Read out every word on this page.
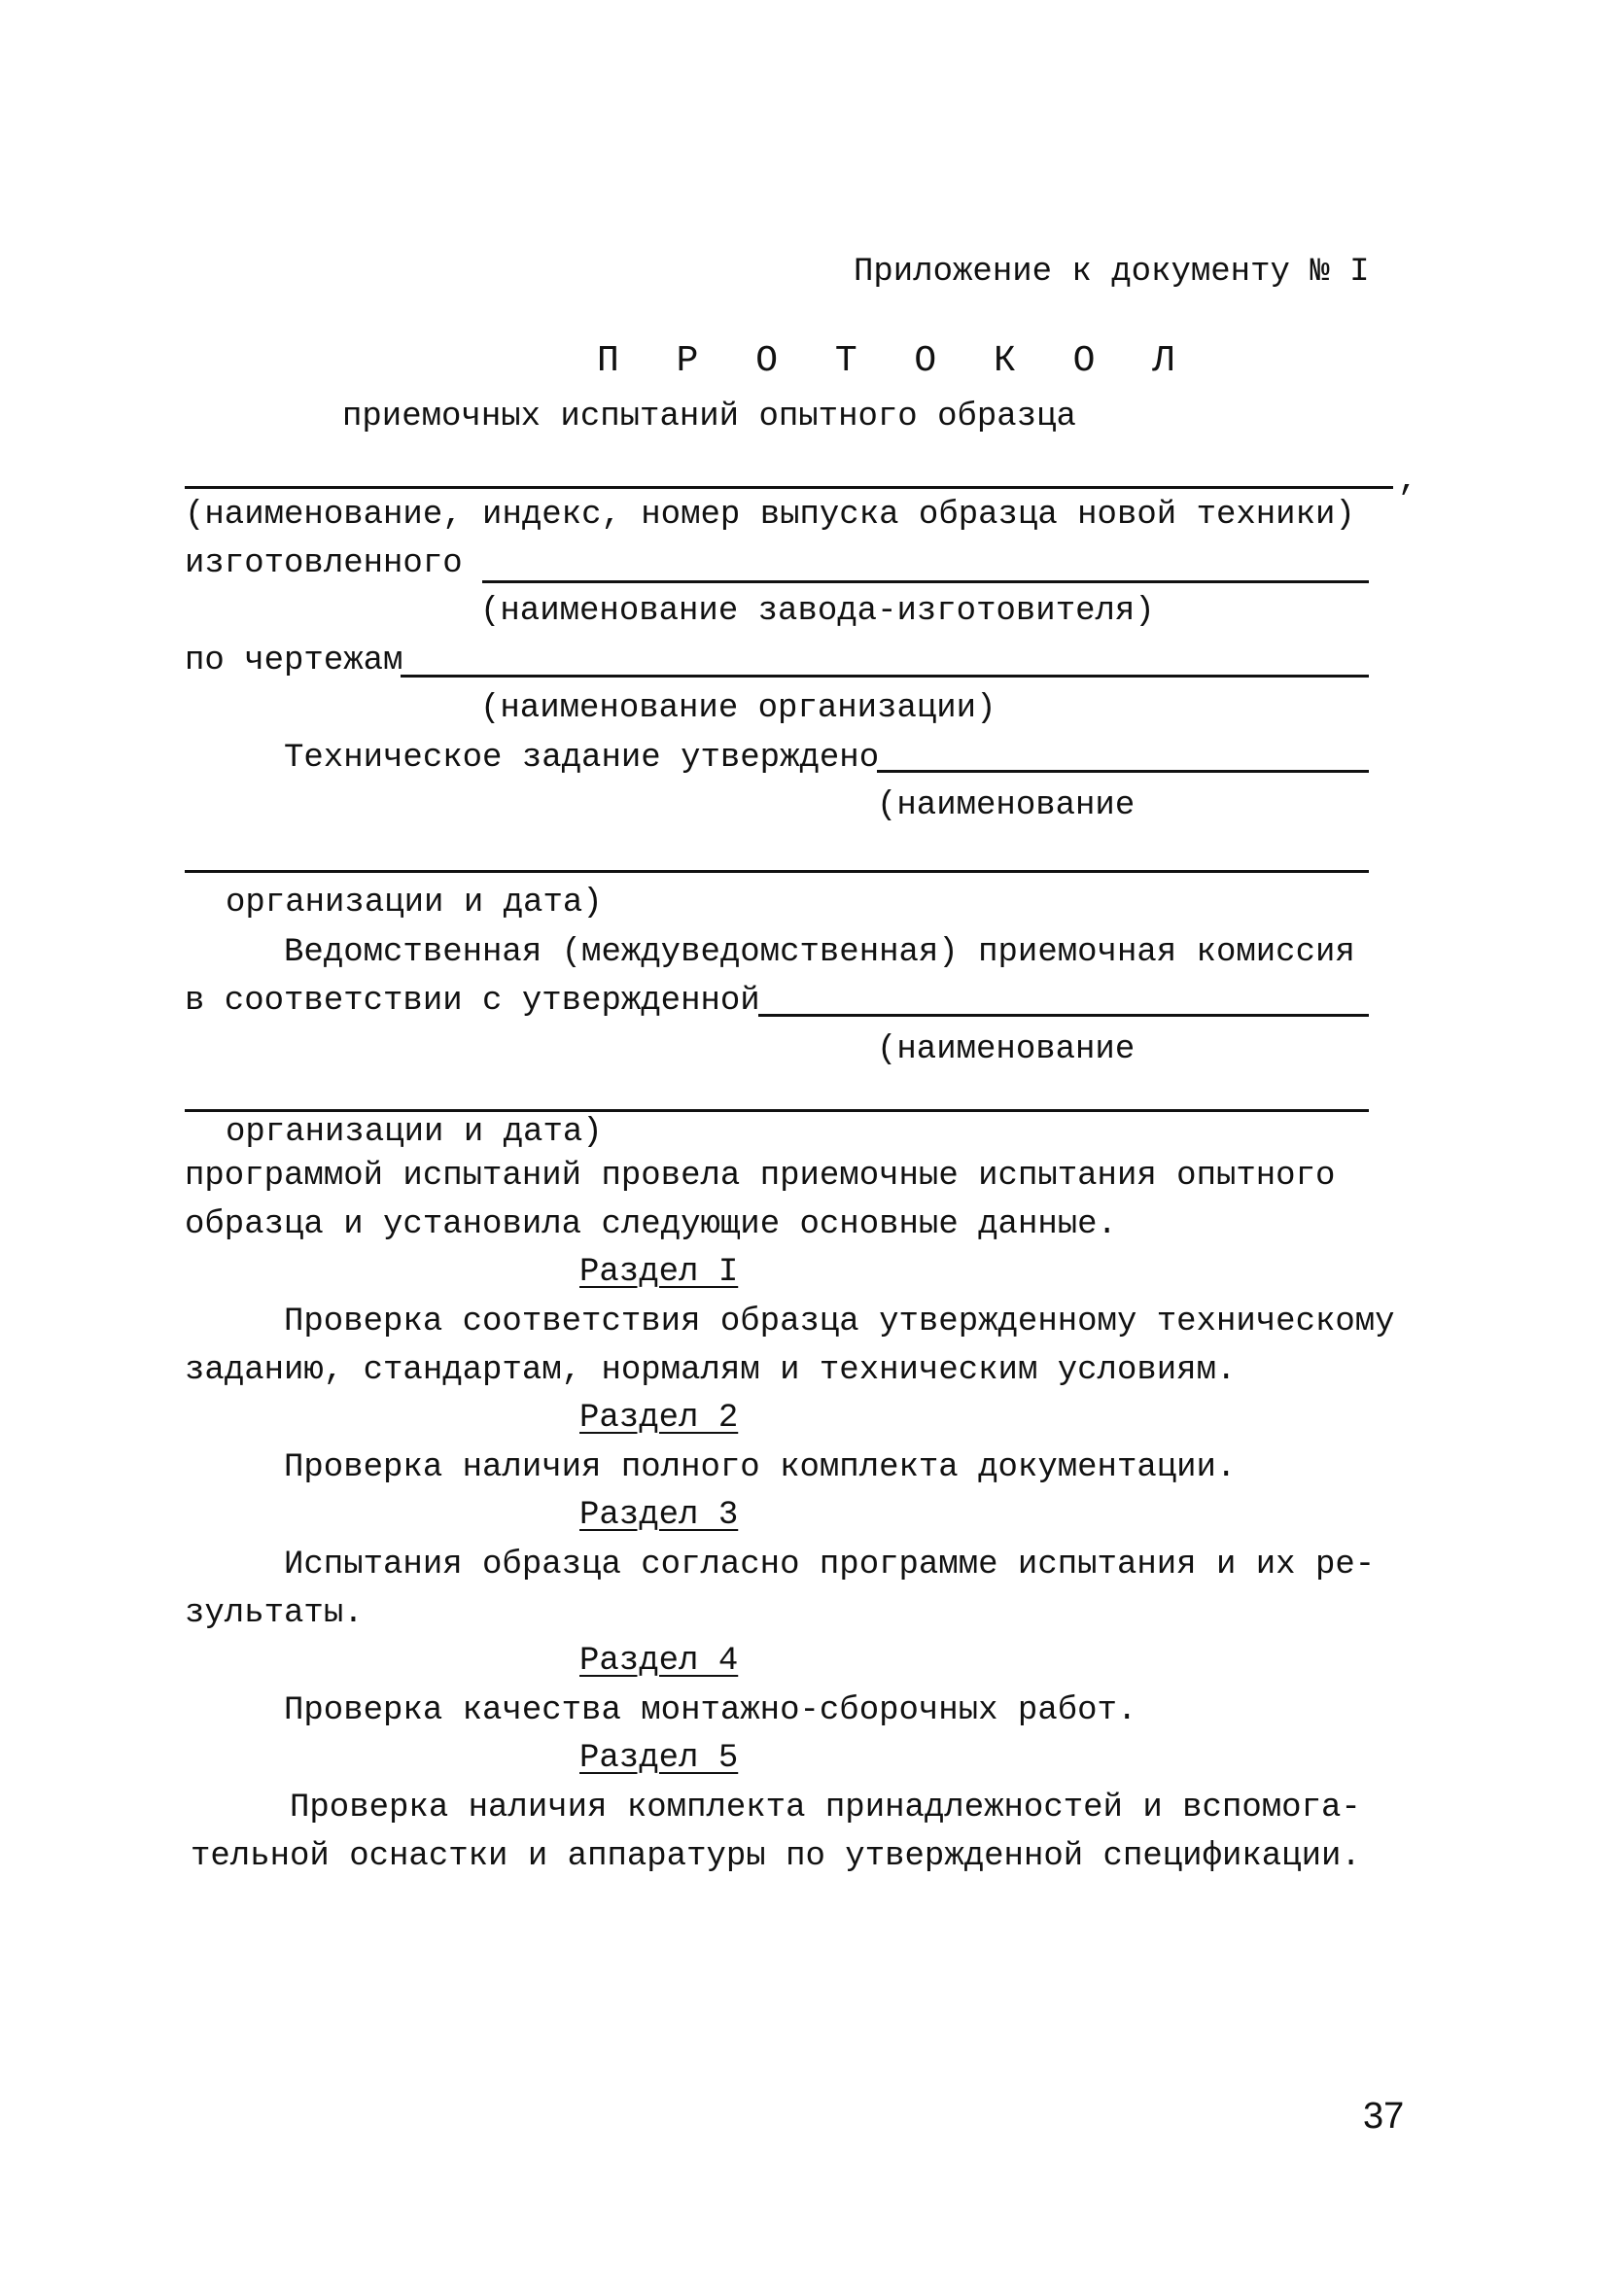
Приложение к документу № I
П Р О Т О К О Л
приемочных испытаний опытного образца
,
(наименование, индекс, номер выпуска образца новой техники)
изготовленного
(наименование завода-изготовителя)
по чертежам
(наименование организации)
Техническое задание утверждено
(наименование
организации и дата)
Ведомственная (междуведомственная) приемочная комиссия
в соответствии с утвержденной
(наименование
организации и дата)
программой испытаний провела приемочные испытания опытного
образца и установила следующие основные данные.
Раздел I
Проверка соответствия образца утвержденному техническому
заданию, стандартам, нормалям и техническим условиям.
Раздел 2
Проверка наличия полного комплекта документации.
Раздел 3
Испытания образца согласно программе испытания и их ре-
зультаты.
Раздел 4
Проверка качества монтажно-сборочных работ.
Раздел 5
Проверка наличия комплекта принадлежностей и вспомога-
тельной оснастки и аппаратуры по утвержденной спецификации.
37
